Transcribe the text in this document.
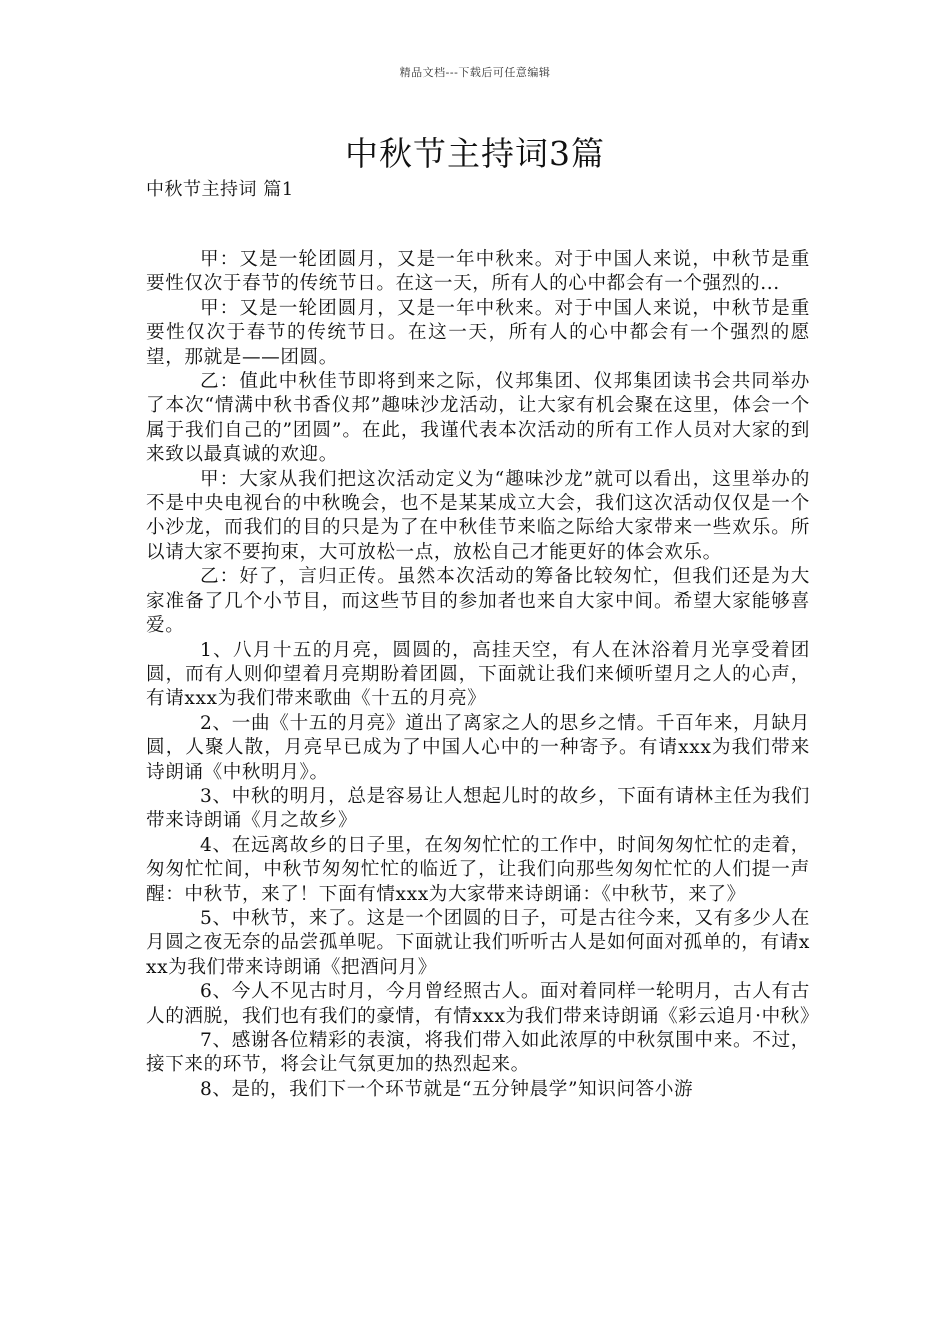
精品文档---下载后可任意编辑
中秋节主持词3篇
中秋节主持词 篇1

甲：又是一轮团圆月，又是一年中秋来。对于中国人来说，中秋节是重要性仅次于春节的传统节日。在这一天，所有人的心中都会有一个强烈的...

甲：又是一轮团圆月，又是一年中秋来。对于中国人来说，中秋节是重要性仅次于春节的传统节日。在这一天，所有人的心中都会有一个强烈的愿望，那就是——团圆。

乙：值此中秋佳节即将到来之际，仪邦集团、仪邦集团读书会共同举办了本次“情满中秋书香仪邦”趣味沙龙活动，让大家有机会聚在这里，体会一个属于我们自己的”团圆”。在此，我谨代表本次活动的所有工作人员对大家的到来致以最真诚的欢迎。

甲：大家从我们把这次活动定义为“趣味沙龙”就可以看出，这里举办的不是中央电视台的中秋晚会，也不是某某成立大会，我们这次活动仅仅是一个小沙龙，而我们的目的只是为了在中秋佳节来临之际给大家带来一些欢乐。所以请大家不要拘束，大可放松一点，放松自己才能更好的体会欢乐。

乙：好了，言归正传。虽然本次活动的筹备比较匆忙，但我们还是为大家准备了几个小节目，而这些节目的参加者也来自大家中间。希望大家能够喜爱。

1、八月十五的月亮，圆圆的，高挂天空，有人在沐浴着月光享受着团圆，而有人则仰望着月亮期盼着团圆，下面就让我们来倾听望月之人的心声，有请xxx为我们带来歌曲《十五的月亮》

2、一曲《十五的月亮》道出了离家之人的思乡之情。千百年来，月缺月圆，人聚人散，月亮早已成为了中国人心中的一种寄予。有请xxx为我们带来诗朗诵《中秋明月》。

3、中秋的明月，总是容易让人想起儿时的故乡，下面有请林主任为我们带来诗朗诵《月之故乡》

4、在远离故乡的日子里，在匆匆忙忙的工作中，时间匆匆忙忙的走着，匆匆忙忙间，中秋节匆匆忙忙的临近了，让我们向那些匆匆忙忙的人们提一声醒：中秋节，来了！下面有情xxx为大家带来诗朗诵：《中秋节，来了》

5、中秋节，来了。这是一个团圆的日子，可是古往今来，又有多少人在月圆之夜无奈的品尝孤单呢。下面就让我们听听古人是如何面对孤单的，有请xxx为我们带来诗朗诵《把酒问月》

6、今人不见古时月，今月曾经照古人。面对着同样一轮明月，古人有古人的洒脱，我们也有我们的豪情，有情xxx为我们带来诗朗诵《彩云追月·中秋》

7、感谢各位精彩的表演，将我们带入如此浓厚的中秋氛围中来。不过，接下来的环节，将会让气氛更加的热烈起来。

8、是的，我们下一个环节就是“五分钟晨学”知识问答小游
